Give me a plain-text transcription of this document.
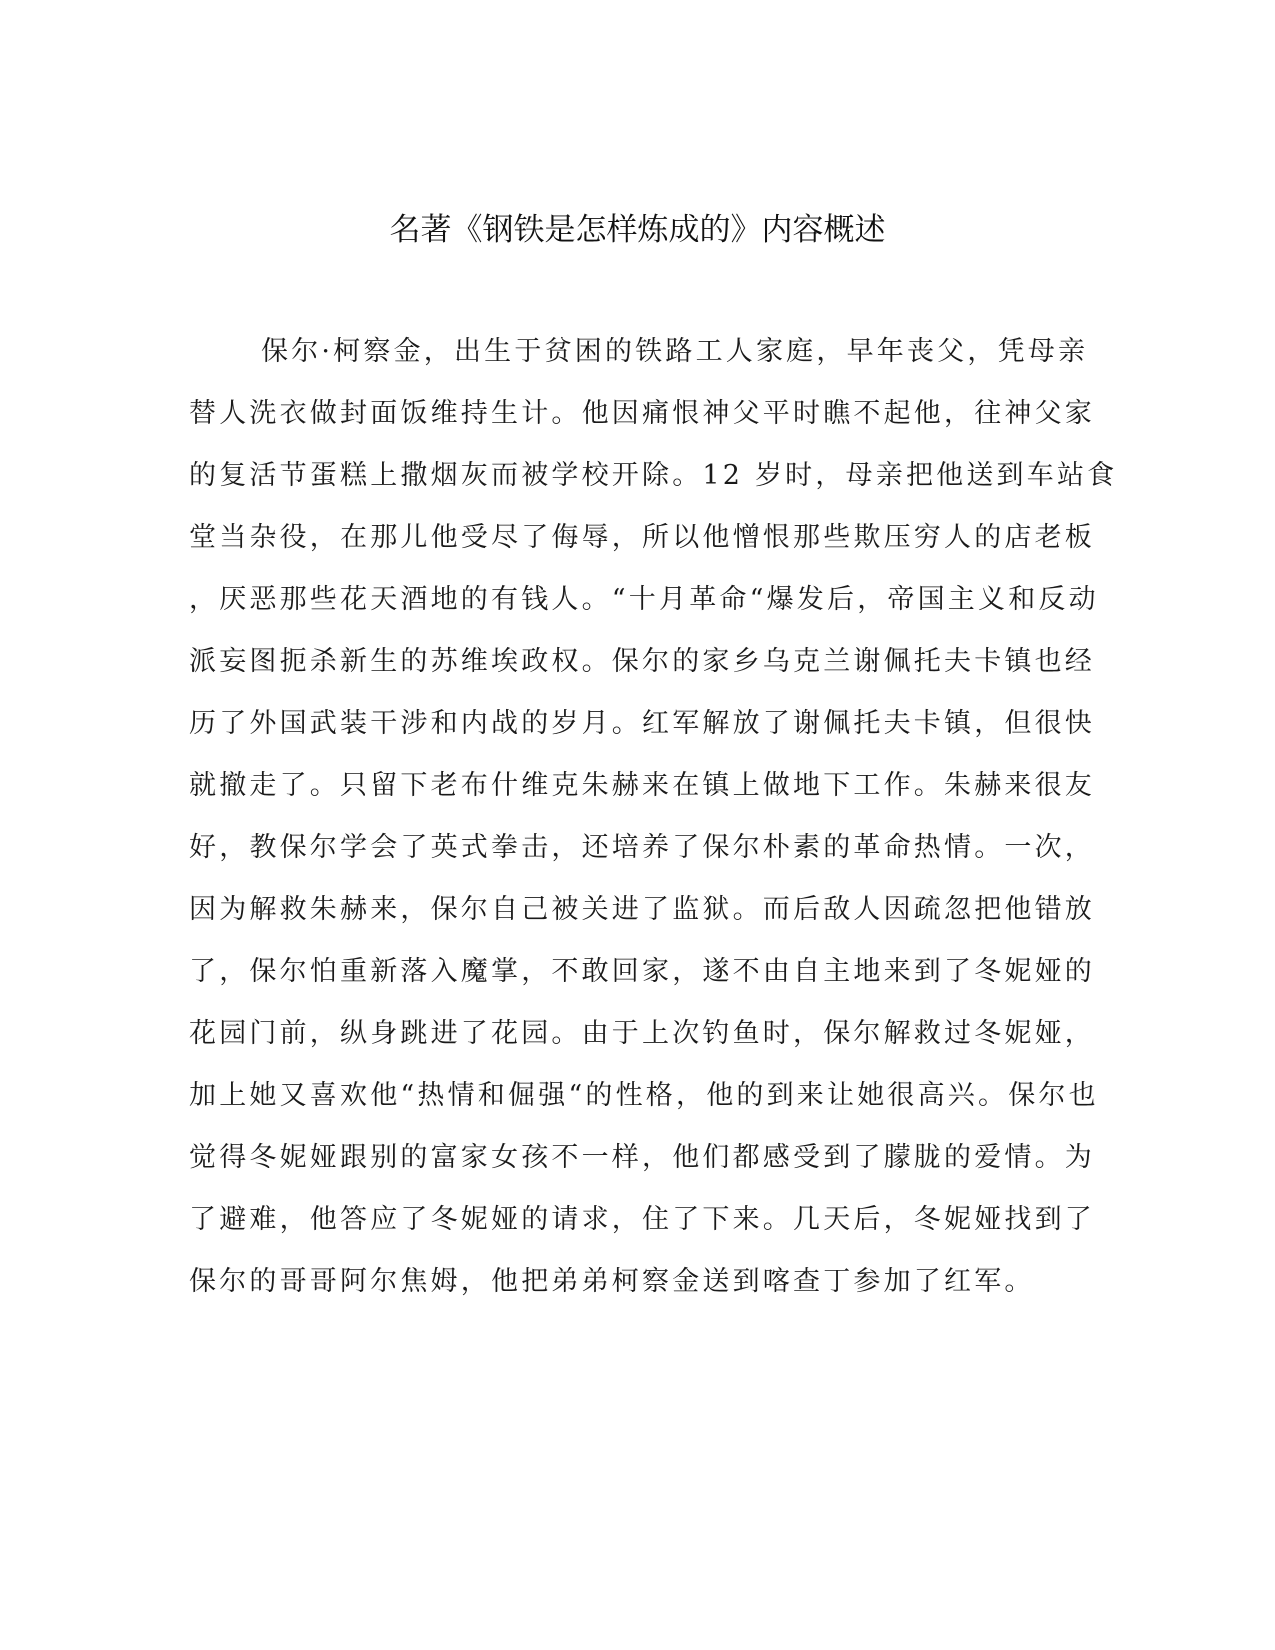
名著《钢铁是怎样炼成的》内容概述
保尔·柯察金，出生于贫困的铁路工人家庭，早年丧父，凭母亲
替人洗衣做封面饭维持生计。他因痛恨神父平时瞧不起他，往神父家
的复活节蛋糕上撒烟灰而被学校开除。12 岁时，母亲把他送到车站食
堂当杂役，在那儿他受尽了侮辱，所以他憎恨那些欺压穷人的店老板
，厌恶那些花天酒地的有钱人。“十月革命“爆发后，帝国主义和反动
派妄图扼杀新生的苏维埃政权。保尔的家乡乌克兰谢佩托夫卡镇也经
历了外国武装干涉和内战的岁月。红军解放了谢佩托夫卡镇，但很快
就撤走了。只留下老布什维克朱赫来在镇上做地下工作。朱赫来很友
好，教保尔学会了英式拳击，还培养了保尔朴素的革命热情。一次，
因为解救朱赫来，保尔自己被关进了监狱。而后敌人因疏忽把他错放
了，保尔怕重新落入魔掌，不敢回家，遂不由自主地来到了冬妮娅的
花园门前，纵身跳进了花园。由于上次钓鱼时，保尔解救过冬妮娅，
加上她又喜欢他“热情和倔强“的性格，他的到来让她很高兴。保尔也
觉得冬妮娅跟别的富家女孩不一样，他们都感受到了朦胧的爱情。为
了避难，他答应了冬妮娅的请求，住了下来。几天后，冬妮娅找到了
保尔的哥哥阿尔焦姆，他把弟弟柯察金送到喀查丁参加了红军。
